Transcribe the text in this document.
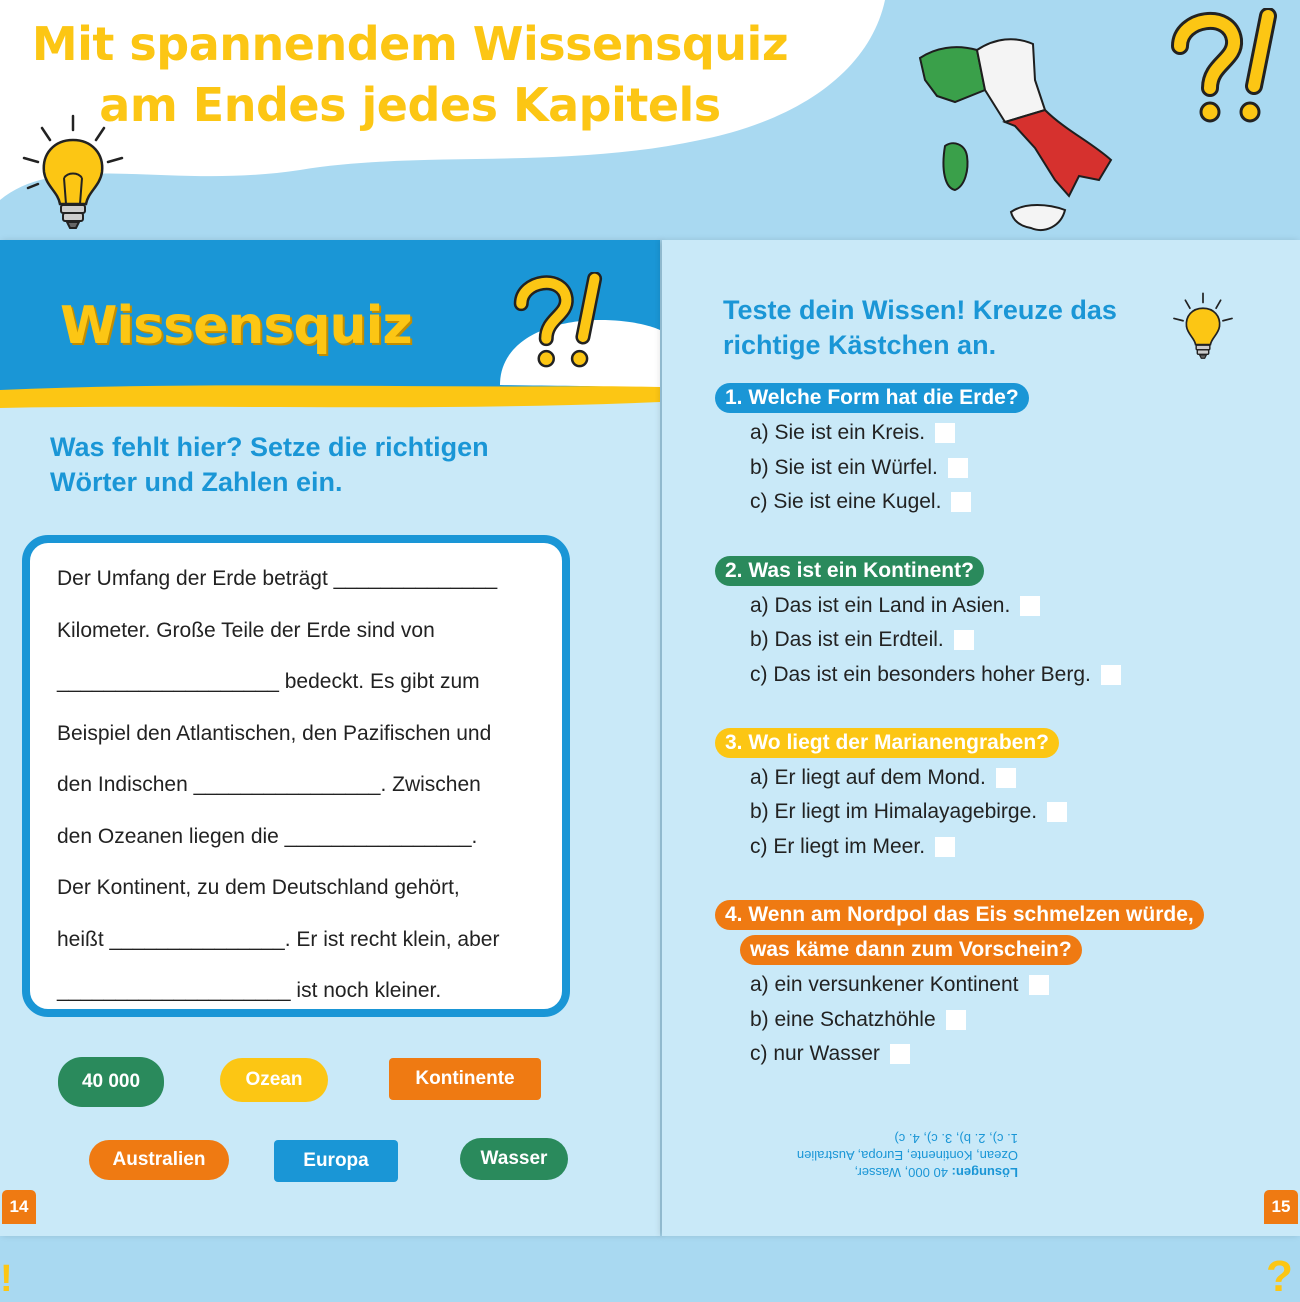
Mit spannendem Wissensquiz
am Endes jedes Kapitels
Wissensquiz
Was fehlt hier? Setze die richtigen
Wörter und Zahlen ein.
Der Umfang der Erde beträgt ______________
Kilometer. Große Teile der Erde sind von
___________________ bedeckt. Es gibt zum
Beispiel den Atlantischen, den Pazifischen und
den Indischen ________________. Zwischen
den Ozeanen liegen die ________________.
Der Kontinent, zu dem Deutschland gehört,
heißt _______________. Er ist recht klein, aber
____________________ ist noch kleiner.
40 000	Ozean	Kontinente
Australien	Europa	Wasser
14
Teste dein Wissen! Kreuze das
richtige Kästchen an.
1. Welche Form hat die Erde?
a) Sie ist ein Kreis.
b) Sie ist ein Würfel.
c) Sie ist eine Kugel.
2. Was ist ein Kontinent?
a) Das ist ein Land in Asien.
b) Das ist ein Erdteil.
c) Das ist ein besonders hoher Berg.
3. Wo liegt der Marianengraben?
a) Er liegt auf dem Mond.
b) Er liegt im Himalayagebirge.
c) Er liegt im Meer.
4. Wenn am Nordpol das Eis schmelzen würde,
was käme dann zum Vorschein?
a) ein versunkener Kontinent
b) eine Schatzhöhle
c) nur Wasser
Lösungen: 40 000, Wasser,
Ozean, Kontinente, Europa, Australien
1. c), 2. b), 3. c), 4. c)
15
!	?
